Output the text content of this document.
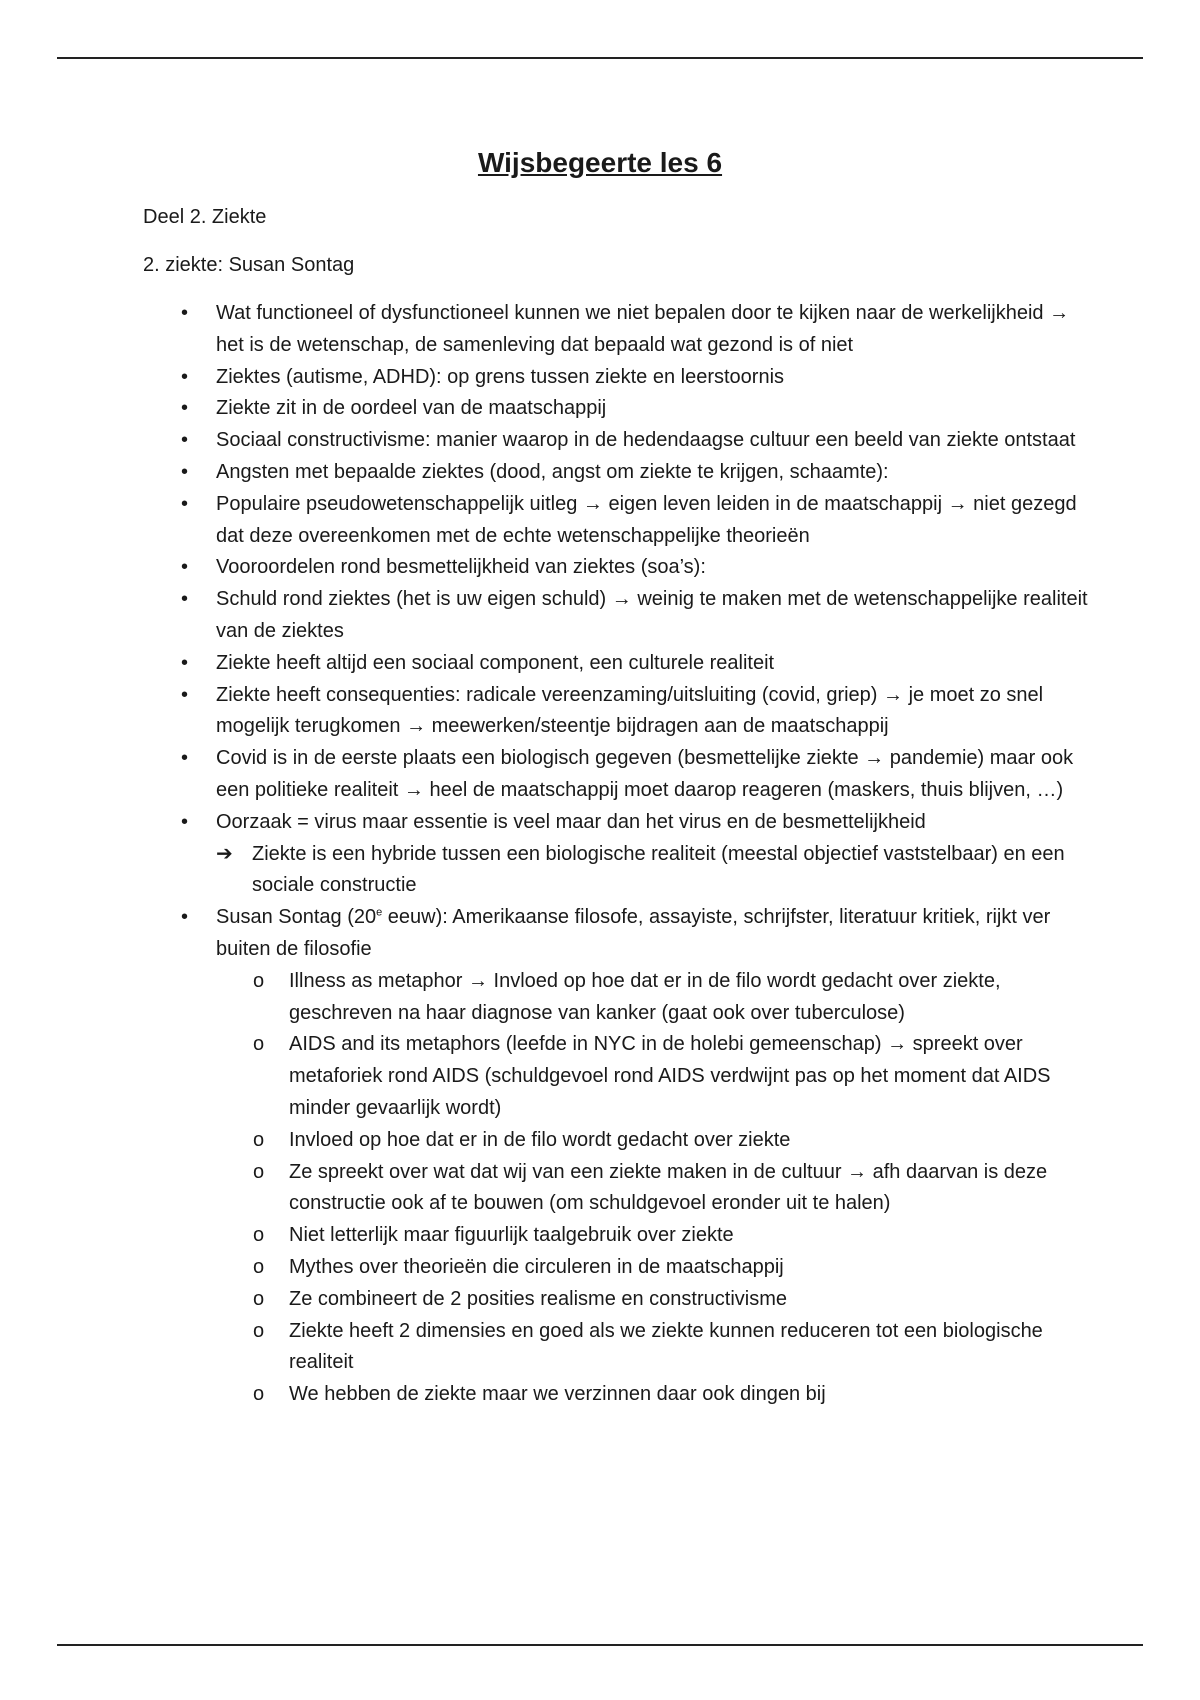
Wijsbegeerte les 6
Deel 2. Ziekte
2. ziekte: Susan Sontag
• Wat functioneel of dysfunctioneel kunnen we niet bepalen door te kijken naar de werkelijkheid → het is de wetenschap, de samenleving dat bepaald wat gezond is of niet
• Ziektes (autisme, ADHD): op grens tussen ziekte en leerstoornis
• Ziekte zit in de oordeel van de maatschappij
• Sociaal constructivisme: manier waarop in de hedendaagse cultuur een beeld van ziekte ontstaat
• Angsten met bepaalde ziektes (dood, angst om ziekte te krijgen, schaamte):
• Populaire pseudowetenschappelijk uitleg → eigen leven leiden in de maatschappij → niet gezegd dat deze overeenkomen met de echte wetenschappelijke theorieën
• Vooroordelen rond besmettelijkheid van ziektes (soa’s):
• Schuld rond ziektes (het is uw eigen schuld) → weinig te maken met de wetenschappelijke realiteit van de ziektes
• Ziekte heeft altijd een sociaal component, een culturele realiteit
• Ziekte heeft consequenties: radicale vereenzaming/uitsluiting (covid, griep) → je moet zo snel mogelijk terugkomen → meewerken/steentje bijdragen aan de maatschappij
• Covid is in de eerste plaats een biologisch gegeven (besmettelijke ziekte → pandemie) maar ook een politieke realiteit → heel de maatschappij moet daarop reageren (maskers, thuis blijven, …)
• Oorzaak = virus maar essentie is veel maar dan het virus en de besmettelijkheid
➔ Ziekte is een hybride tussen een biologische realiteit (meestal objectief vaststelbaar) en een sociale constructie
• Susan Sontag (20e eeuw): Amerikaanse filosofe, assayiste, schrijfster, literatuur kritiek, rijkt ver buiten de filosofie
o Illness as metaphor → Invloed op hoe dat er in de filo wordt gedacht over ziekte, geschreven na haar diagnose van kanker (gaat ook over tuberculose)
o AIDS and its metaphors (leefde in NYC in de holebi gemeenschap) → spreekt over metaforiek rond AIDS (schuldgevoel rond AIDS verdwijnt pas op het moment dat AIDS minder gevaarlijk wordt)
o Invloed op hoe dat er in de filo wordt gedacht over ziekte
o Ze spreekt over wat dat wij van een ziekte maken in de cultuur → afh daarvan is deze constructie ook af te bouwen (om schuldgevoel eronder uit te halen)
o Niet letterlijk maar figuurlijk taalgebruik over ziekte
o Mythes over theorieën die circuleren in de maatschappij
o Ze combineert de 2 posities realisme en constructivisme
o Ziekte heeft 2 dimensies en goed als we ziekte kunnen reduceren tot een biologische realiteit
o We hebben de ziekte maar we verzinnen daar ook dingen bij
